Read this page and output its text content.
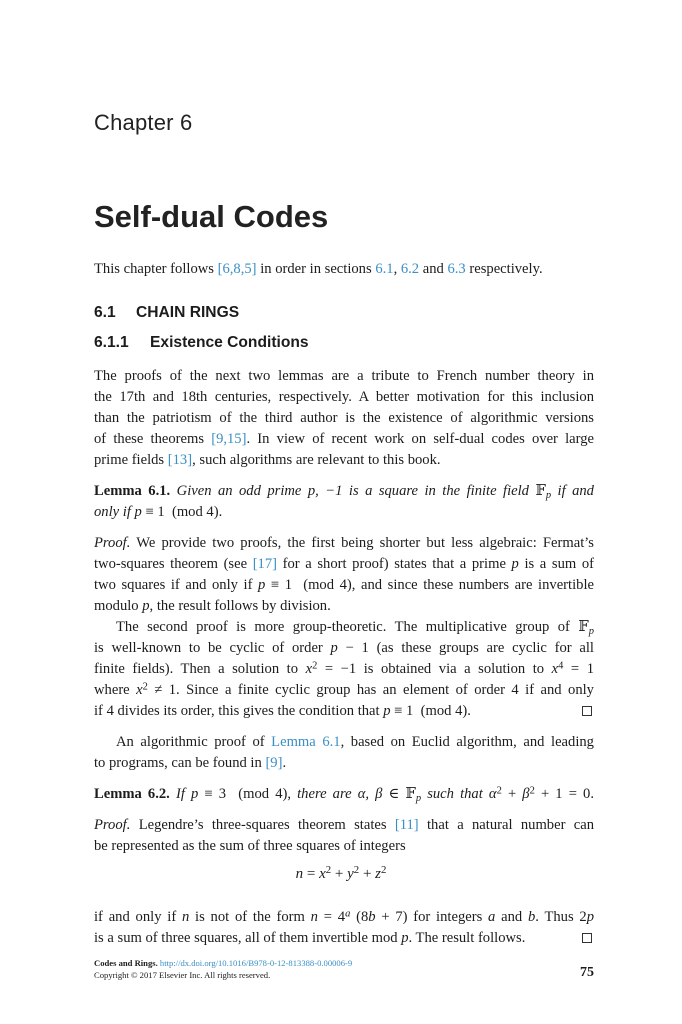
Chapter 6
Self-dual Codes
This chapter follows [6,8,5] in order in sections 6.1, 6.2 and 6.3 respectively.
6.1 CHAIN RINGS
6.1.1 Existence Conditions
The proofs of the next two lemmas are a tribute to French number theory in
the 17th and 18th centuries, respectively. A better motivation for this inclusion
than the patriotism of the third author is the existence of algorithmic versions
of these theorems [9,15]. In view of recent work on self-dual codes over large
prime fields [13], such algorithms are relevant to this book.
Lemma 6.1. Given an odd prime p, −1 is a square in the finite field 𝔽$_p$ if and
only if p ≡ 1 (mod 4).
Proof. We provide two proofs, the first being shorter but less algebraic: Fermat’s
two-squares theorem (see [17] for a short proof) states that a prime p is a sum of
two squares if and only if p ≡ 1 (mod 4), and since these numbers are invertible
modulo p, the result follows by division.
The second proof is more group-theoretic. The multiplicative group of 𝔽$_p$
is well-known to be cyclic of order p − 1 (as these groups are cyclic for all
finite fields). Then a solution to $x^2 = -1$ is obtained via a solution to $x^4 = 1$
where $x^2 \ne 1$. Since a finite cyclic group has an element of order 4 if and only
if 4 divides its order, this gives the condition that p ≡ 1 (mod 4).
An algorithmic proof of Lemma 6.1, based on Euclid algorithm, and leading
to programs, can be found in [9].
Lemma 6.2. If p ≡ 3 (mod 4), there are α, β ∈ 𝔽$_p$ such that $\alpha^2 + \beta^2 + 1 = 0$.
Proof. Legendre’s three-squares theorem states [11] that a natural number can
be represented as the sum of three squares of integers
$n = x^2 + y^2 + z^2$
if and only if n is not of the form $n = 4^a$ (8b + 7) for integers a and b. Thus 2p
is a sum of three squares, all of them invertible mod p. The result follows.
Codes and Rings. http://dx.doi.org/10.1016/B978-0-12-813388-0.00006-9
Copyright © 2017 Elsevier Inc. All rights reserved.	75
